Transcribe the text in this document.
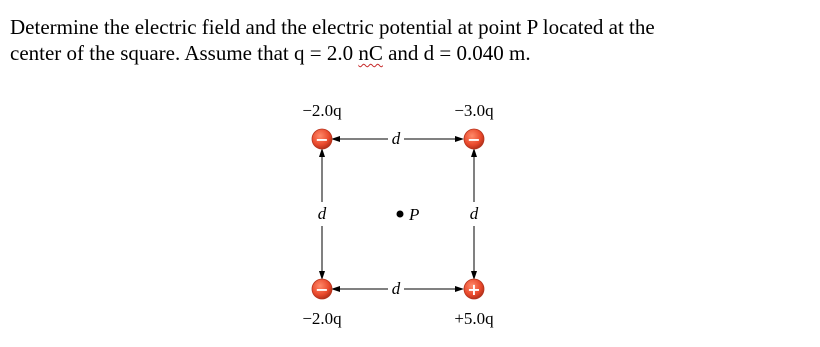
Determine the electric field and the electric potential at point P located at the
center of the square. Assume that q = 2.0 nC and d = 0.040 m.
d
d
d	d
P
−
−2.0q
−
−3.0q
−
−2.0q
+
+5.0q
